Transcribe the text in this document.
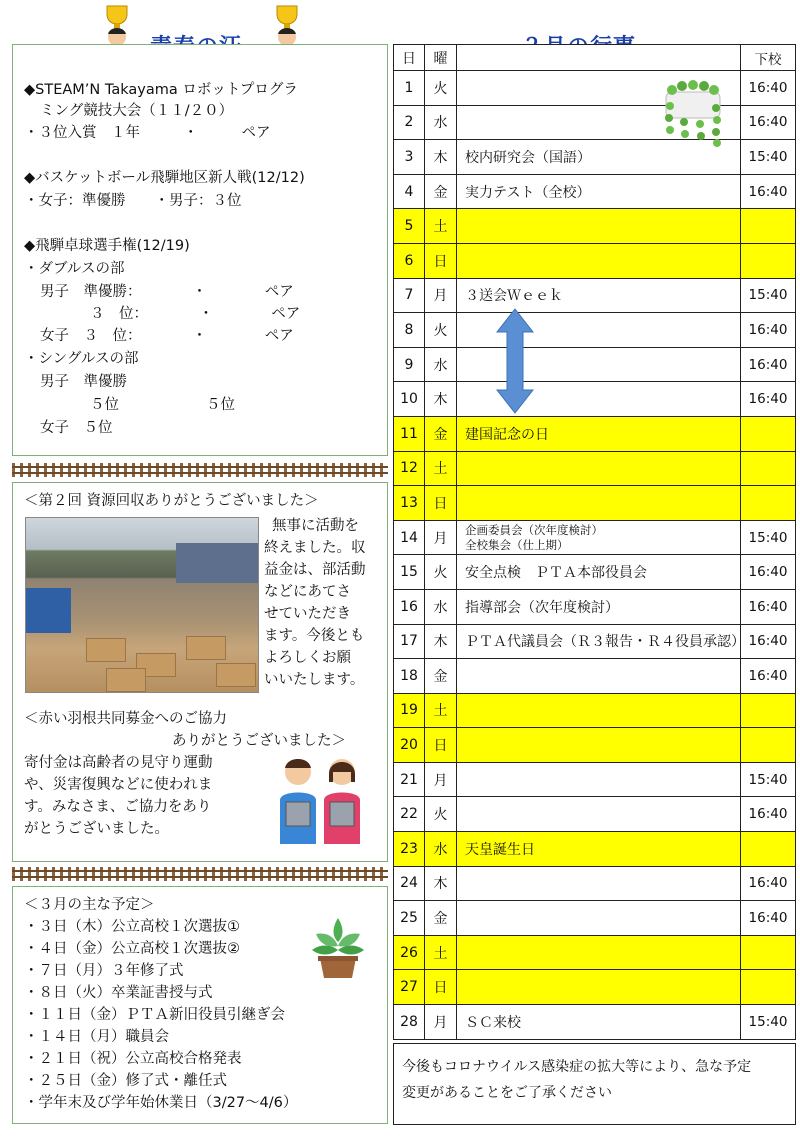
◆STEAM’N Takayama ロボットプログラ
ミング競技大会（１１/２０）
・３位入賞　１年　　　・　　　ペア
◆バスケットボール飛騨地区新人戦(12/12)
・女子：準優勝　　・男子：３位
◆飛騨卓球選手権(12/19)
・ダブルスの部
男子　準優勝：　　　　・　　　　ペア
３　位：　　　　・　　　　ペア
女子　３　位：　　　　・　　　　ペア
・シングルスの部
男子　準優勝
５位　　　　　　５位
女子　５位
＜第２回 資源回収ありがとうございました＞
無事に活動を
終えました。収
益金は、部活動
などにあてさ
せていただき
ます。今後とも
よろしくお願
いいたします。
＜赤い羽根共同募金へのご協力
ありがとうございました＞
寄付金は高齢者の見守り運動
や、災害復興などに使われま
す。みなさま、ご協力をあり
がとうございました。
＜３月の主な予定＞
・３日（木）公立高校１次選抜①
・４日（金）公立高校１次選抜②
・７日（月）３年修了式
・８日（火）卒業証書授与式
・１１日（金）ＰＴＡ新旧役員引継ぎ会
・１４日（月）職員会
・２１日（祝）公立高校合格発表
・２５日（金）修了式・離任式
・学年末及び学年始休業日（3/27～4/6）
日	曜		下校
1	火		16:40
2	水		16:40
3	木	校内研究会（国語）	15:40
4	金	実力テスト（全校）	16:40
5	土		
6	日		
7	月	３送会Ｗｅｅｋ	15:40
8	火		16:40
9	水		16:40
10	木		16:40
11	金	建国記念の日	
12	土		
13	日		
14	月	企画委員会（次年度検討）
全校集会（仕上期）	15:40
15	火	安全点検　ＰＴＡ本部役員会	16:40
16	水	指導部会（次年度検討）	16:40
17	木	ＰＴＡ代議員会（Ｒ３報告・Ｒ４役員承認）	16:40
18	金		16:40
19	土		
20	日		
21	月		15:40
22	火		16:40
23	水	天皇誕生日	
24	木		16:40
25	金		16:40
26	土		
27	日		
28	月	ＳＣ来校	15:40
今後もコロナウイルス感染症の拡大等により、急な予定
変更があることをご了承ください
